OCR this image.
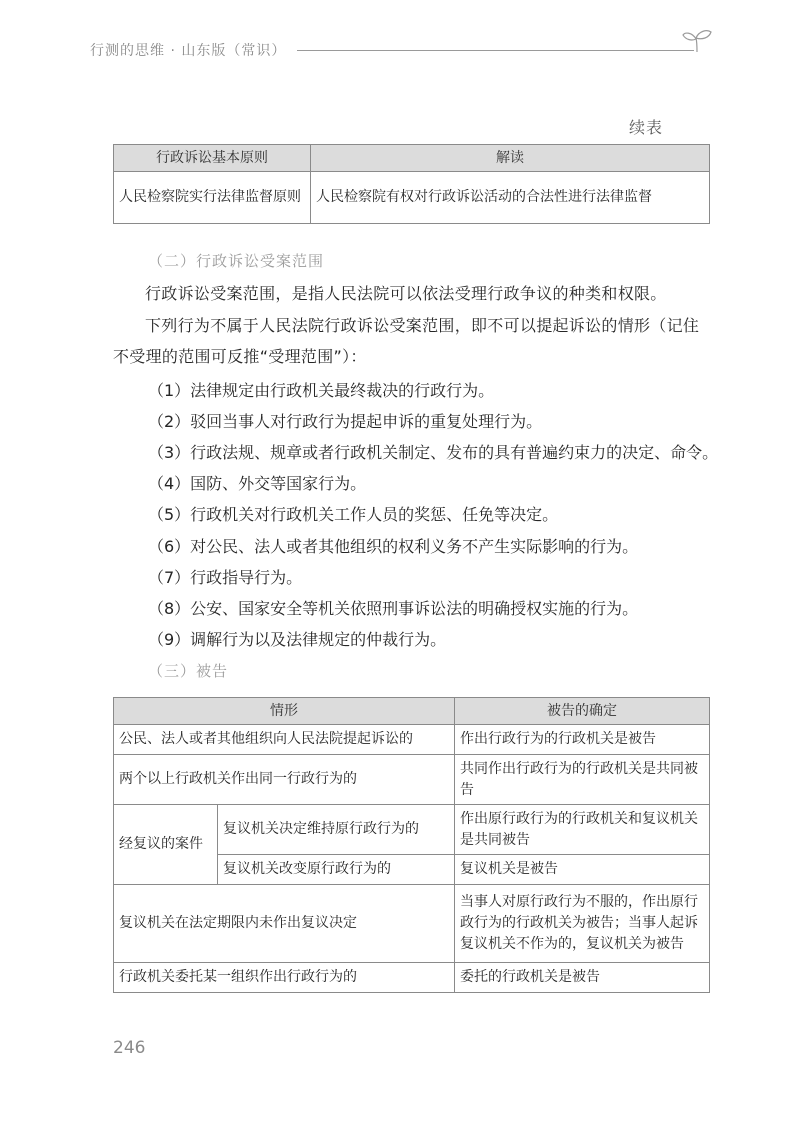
行测的思维 · 山东版（常识）
续表
行政诉讼基本原则	解读
人民检察院实行法律监督原则	人民检察院有权对行政诉讼活动的合法性进行法律监督
（二）行政诉讼受案范围

行政诉讼受案范围，是指人民法院可以依法受理行政争议的种类和权限。

下列行为不属于人民法院行政诉讼受案范围，即不可以提起诉讼的情形（记住不受理的范围可反推“受理范围”）：

（1）法律规定由行政机关最终裁决的行政行为。
（2）驳回当事人对行政行为提起申诉的重复处理行为。
（3）行政法规、规章或者行政机关制定、发布的具有普遍约束力的决定、命令。
（4）国防、外交等国家行为。
（5）行政机关对行政机关工作人员的奖惩、任免等决定。
（6）对公民、法人或者其他组织的权利义务不产生实际影响的行为。
（7）行政指导行为。
（8）公安、国家安全等机关依照刑事诉讼法的明确授权实施的行为。
（9）调解行为以及法律规定的仲裁行为。
（三）被告
情形		被告的确定
公民、法人或者其他组织向人民法院提起诉讼的		作出行政行为的行政机关是被告
两个以上行政机关作出同一行政行为的		共同作出行政行为的行政机关是共同被告
经复议的案件	复议机关决定维持原行政行为的	作出原行政行为的行政机关和复议机关是共同被告
	复议机关改变原行政行为的	复议机关是被告
复议机关在法定期限内未作出复议决定		当事人对原行政行为不服的，作出原行政行为的行政机关为被告；当事人起诉复议机关不作为的，复议机关为被告
行政机关委托某一组织作出行政行为的		委托的行政机关是被告
246
